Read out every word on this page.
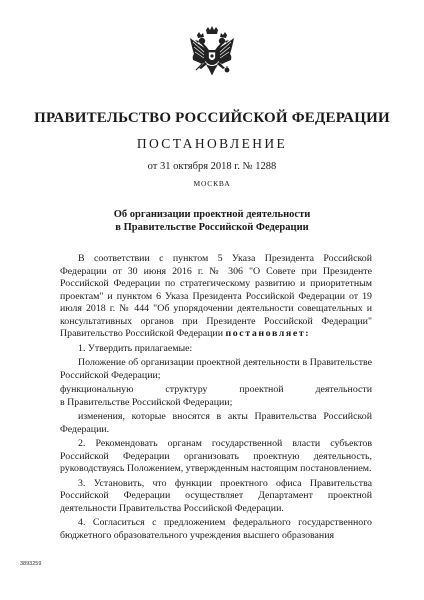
ПРАВИТЕЛЬСТВО РОССИЙСКОЙ ФЕДЕРАЦИИ
ПОСТАНОВЛЕНИЕ
от 31 октября 2018 г. № 1288
МОСКВА
Об организации проектной деятельности
в Правительстве Российской Федерации
В соответствии с пунктом 5 Указа Президента Российской Федерации от 30 июня 2016 г. № 306 "О Совете при Президенте Российской Федерации по стратегическому развитию и приоритетным проектам" и пунктом 6 Указа Президента Российской Федерации от 19 июля 2018 г. № 444 "Об упорядочении деятельности совещательных и консультативных органов при Президенте Российской Федерации" Правительство Российской Федерации постановляет:
1. Утвердить прилагаемые:
Положение об организации проектной деятельности в Правительстве Российской Федерации;
функциональную структуру проектной деятельности
в Правительстве Российской Федерации;
изменения, которые вносятся в акты Правительства Российской Федерации.
2. Рекомендовать органам государственной власти субъектов Российской Федерации организовать проектную деятельность, руководствуясь Положением, утвержденным настоящим постановлением.
3. Установить, что функции проектного офиса Правительства Российской Федерации осуществляет Департамент проектной деятельности Правительства Российской Федерации.
4. Согласиться с предложением федерального государственного бюджетного образовательного учреждения высшего образования
3893259
